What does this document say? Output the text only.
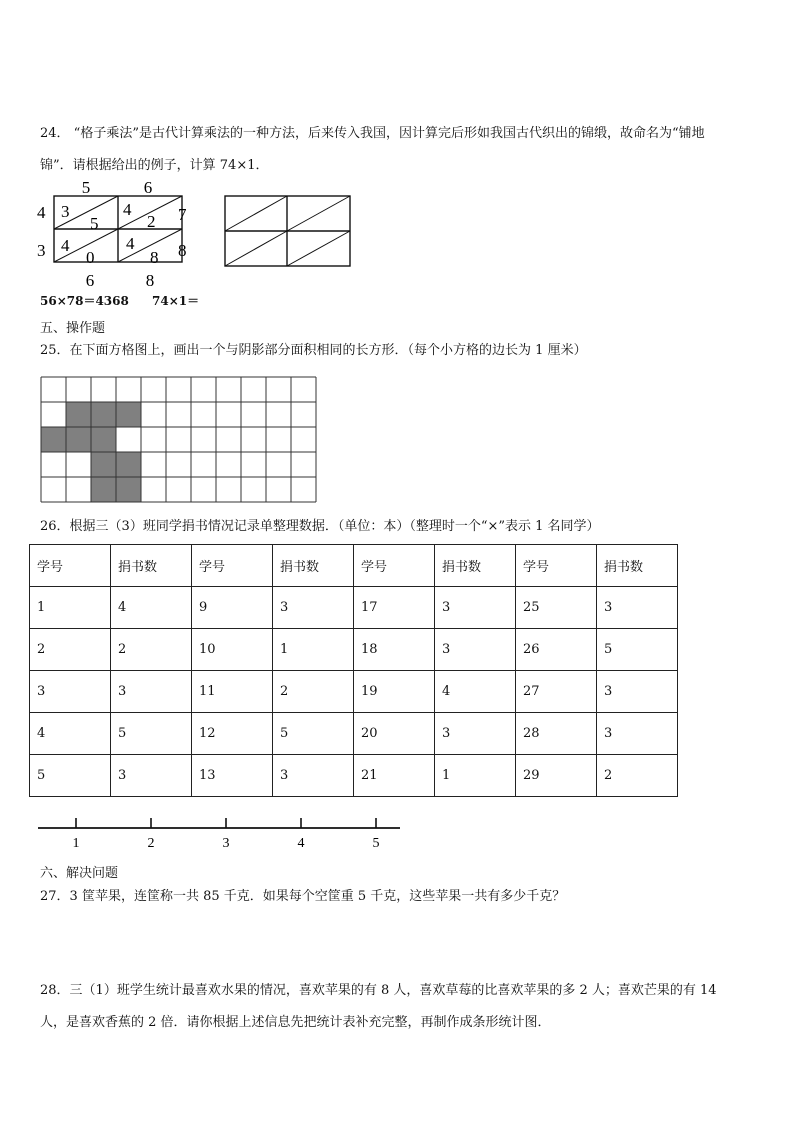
24． “格子乘法”是古代计算乘法的一种方法，后来传入我国，因计算完后形如我国古代织出的锦缎，故命名为“铺地
锦”．请根据给出的例子，计算 74×1．
5	6
4
3
7
8
6	8
3
5
4
2
4
0
4
8
56×78＝4368 74×1＝
五、操作题
25．在下面方格图上，画出一个与阴影部分面积相同的长方形．（每个小方格的边长为 1 厘米）
26．根据三（3）班同学捐书情况记录单整理数据．（单位：本）（整理时一个“×”表示 1 名同学）
学号	捐书数	学号	捐书数	学号	捐书数	学号	捐书数
1	4	9	3	17	3	25	3
2	2	10	1	18	3	26	5
3	3	11	2	19	4	27	3
4	5	12	5	20	3	28	3
5	3	13	3	21	1	29	2
1	2	3	4	5
六、解决问题
27．3 筐苹果，连筐称一共 85 千克．如果每个空筐重 5 千克，这些苹果一共有多少千克？
28．三（1）班学生统计最喜欢水果的情况，喜欢苹果的有 8 人，喜欢草莓的比喜欢苹果的多 2 人；喜欢芒果的有 14
人，是喜欢香蕉的 2 倍．请你根据上述信息先把统计表补充完整，再制作成条形统计图．
